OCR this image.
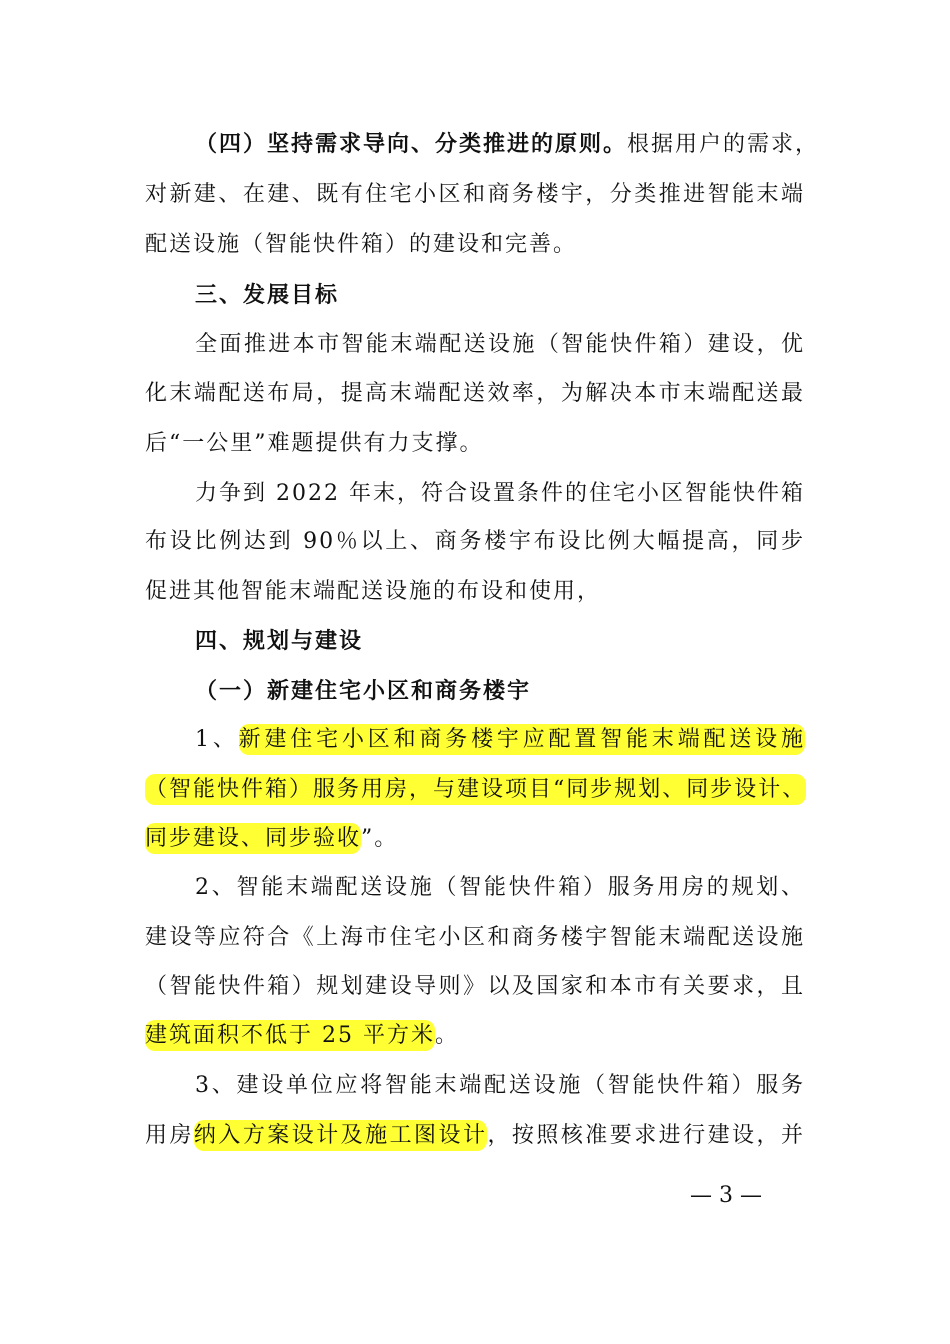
（四）坚持需求导向、分类推进的原则。根据用户的需求，
对新建、在建、既有住宅小区和商务楼宇，分类推进智能末端
配送设施（智能快件箱）的建设和完善。
三、发展目标
全面推进本市智能末端配送设施（智能快件箱）建设，优
化末端配送布局，提高末端配送效率，为解决本市末端配送最
后“一公里”难题提供有力支撑。
力争到 2022 年末，符合设置条件的住宅小区智能快件箱
布设比例达到 90％以上、商务楼宇布设比例大幅提高，同步
促进其他智能末端配送设施的布设和使用，
四、规划与建设
（一）新建住宅小区和商务楼宇
1、新建住宅小区和商务楼宇应配置智能末端配送设施
（智能快件箱）服务用房，与建设项目“同步规划、同步设计、
同步建设、同步验收”。
2、智能末端配送设施（智能快件箱）服务用房的规划、
建设等应符合《上海市住宅小区和商务楼宇智能末端配送设施
（智能快件箱）规划建设导则》以及国家和本市有关要求，且
建筑面积不低于 25 平方米。
3、建设单位应将智能末端配送设施（智能快件箱）服务
用房纳入方案设计及施工图设计，按照核准要求进行建设，并
— 3 —
